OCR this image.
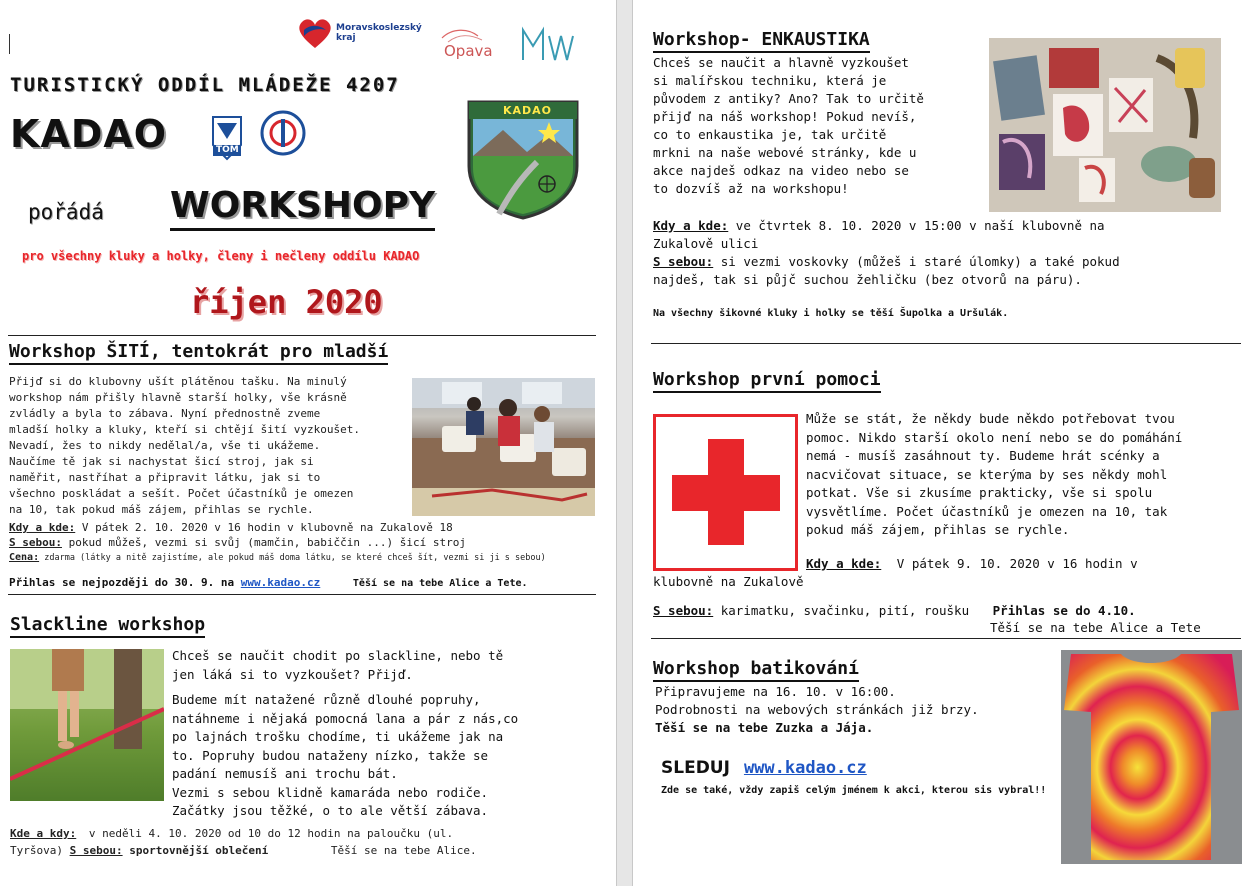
Moravskoslezský kraj
Opava
TURISTICKÝ ODDÍL MLÁDEŽE 4207
KADAO	TOM
KADAO
pořádá WORKSHOPY
pro všechny kluky a holky, členy i nečleny oddílu KADAO
říjen 2020
Workshop ŠITÍ, tentokrát pro mladší
Přijď si do klubovny ušít plátěnou tašku. Na minulý
workshop nám přišly hlavně starší holky, vše krásně
zvládly a byla to zábava. Nyní přednostně zveme
mladší holky a kluky, kteří si chtějí šití vyzkoušet.
Nevadí, žes to nikdy nedělal/a, vše ti ukážeme.
Naučíme tě jak si nachystat šicí stroj, jak si
naměřit, nastříhat a připravit látku, jak si to
všechno poskládat a sešít. Počet účastníků je omezen
na 10, tak pokud máš zájem, přihlas se rychle.
Kdy a kde: V pátek 2. 10. 2020 v 16 hodin v klubovně na Zukalově 18
S sebou: pokud můžeš, vezmi si svůj (mamčin, babiččin ...) šicí stroj
Cena: zdarma (látky a nitě zajistíme, ale pokud máš doma látku, se které chceš šít, vezmi si ji s sebou)
Přihlas se nejpozději do 30. 9. na www.kadao.cz	Těší se na tebe Alice a Tete.
Slackline workshop
Chceš se naučit chodit po slackline, nebo tě
jen láká si to vyzkoušet? Přijď.
Budeme mít natažené různě dlouhé popruhy,
natáhneme i nějaká pomocná lana a pár z nás,co
po lajnách trošku chodíme, ti ukážeme jak na
to. Popruhy budou nataženy nízko, takže se
padání nemusíš ani trochu bát.
Vezmi s sebou klidně kamaráda nebo rodiče.
Začátky jsou těžké, o to ale větší zábava.
Kde a kdy: v neděli 4. 10. 2020 od 10 do 12 hodin na paloučku (ul.
Tyršova) S sebou: sportovnější oblečení	Těší se na tebe Alice.
Workshop- ENKAUSTIKA
Chceš se naučit a hlavně vyzkoušet
si malířskou techniku, která je
původem z antiky? Ano? Tak to určitě
přijď na náš workshop! Pokud nevíš,
co to enkaustika je, tak určitě
mrkni na naše webové stránky, kde u
akce najdeš odkaz na video nebo se
to dozvíš až na workshopu!
Kdy a kde: ve čtvrtek 8. 10. 2020 v 15:00 v naší klubovně na
Zukalově ulici
S sebou: si vezmi voskovky (můžeš i staré úlomky) a také pokud
najdeš, tak si půjč suchou žehličku (bez otvorů na páru).
Na všechny šikovné kluky i holky se těší Šupolka a Uršulák.
Workshop první pomoci
Může se stát, že někdy bude někdo potřebovat tvou
pomoc. Nikdo starší okolo není nebo se do pomáhání
nemá - musíš zasáhnout ty. Budeme hrát scénky a
nacvičovat situace, se kterýma by ses někdy mohl
potkat. Vše si zkusíme prakticky, vše si spolu
vysvětlíme. Počet účastníků je omezen na 10, tak
pokud máš zájem, přihlas se rychle.
Kdy a kde: V pátek 9. 10. 2020 v 16 hodin v
klubovně na Zukalově
S sebou: karimatku, svačinku, pití, roušku Přihlas se do 4.10.
Těší se na tebe Alice a Tete
Workshop batikování
Připravujeme na 16. 10. v 16:00.
Podrobnosti na webových stránkách již brzy.
Těší se na tebe Zuzka a Jája.
SLEDUJ www.kadao.cz
Zde se také, vždy zapiš celým jménem k akci, kterou sis vybral!!
